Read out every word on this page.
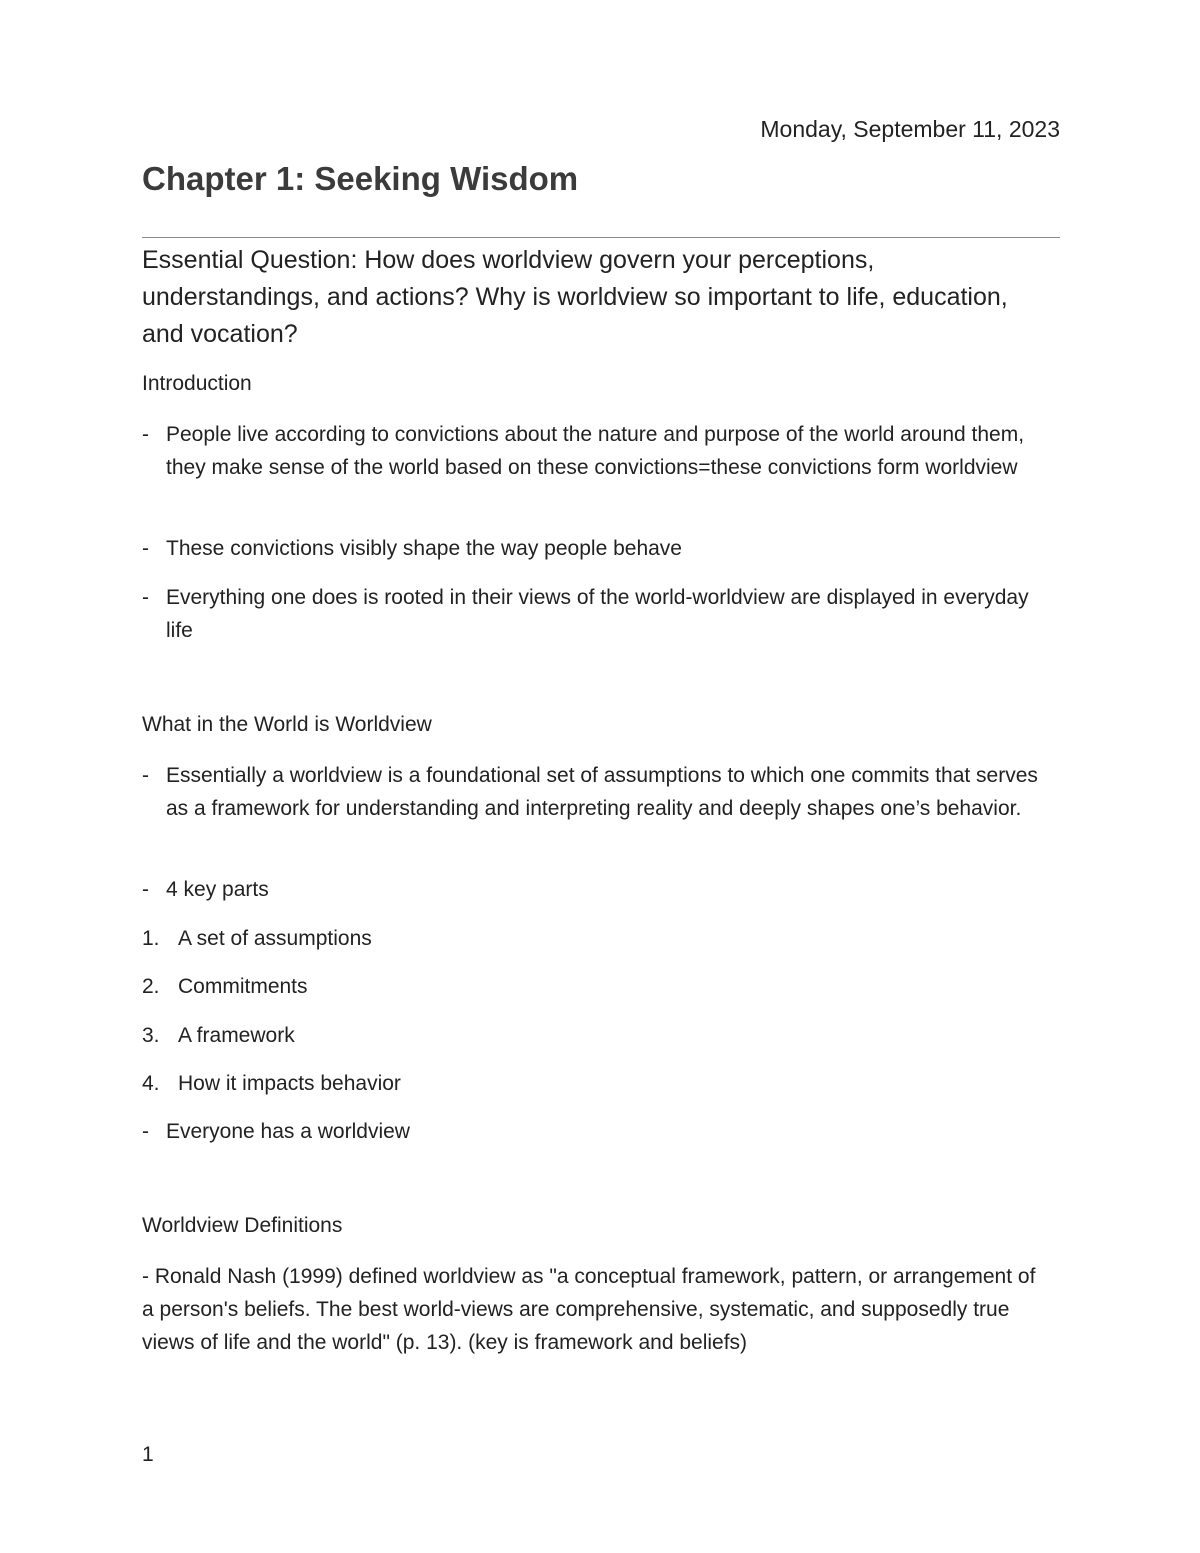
Monday, September 11, 2023
Chapter 1: Seeking Wisdom

Essential Question: How does worldview govern your perceptions, understandings, and actions? Why is worldview so important to life, education, and vocation?

Introduction
- People live according to convictions about the nature and purpose of the world around them, they make sense of the world based on these convictions=these convictions form worldview
- These convictions visibly shape the way people behave
- Everything one does is rooted in their views of the world-worldview are displayed in everyday life
What in the World is Worldview
- Essentially a worldview is a foundational set of assumptions to which one commits that serves as a framework for understanding and interpreting reality and deeply shapes one’s behavior.
- 4 key parts
1. A set of assumptions
2. Commitments
3. A framework
4. How it impacts behavior
- Everyone has a worldview
Worldview Definitions

- Ronald Nash (1999) defined worldview as "a conceptual framework, pattern, or arrangement of a person's beliefs. The best world-views are comprehensive, systematic, and supposedly true views of life and the world" (p. 13). (key is framework and beliefs)

1
